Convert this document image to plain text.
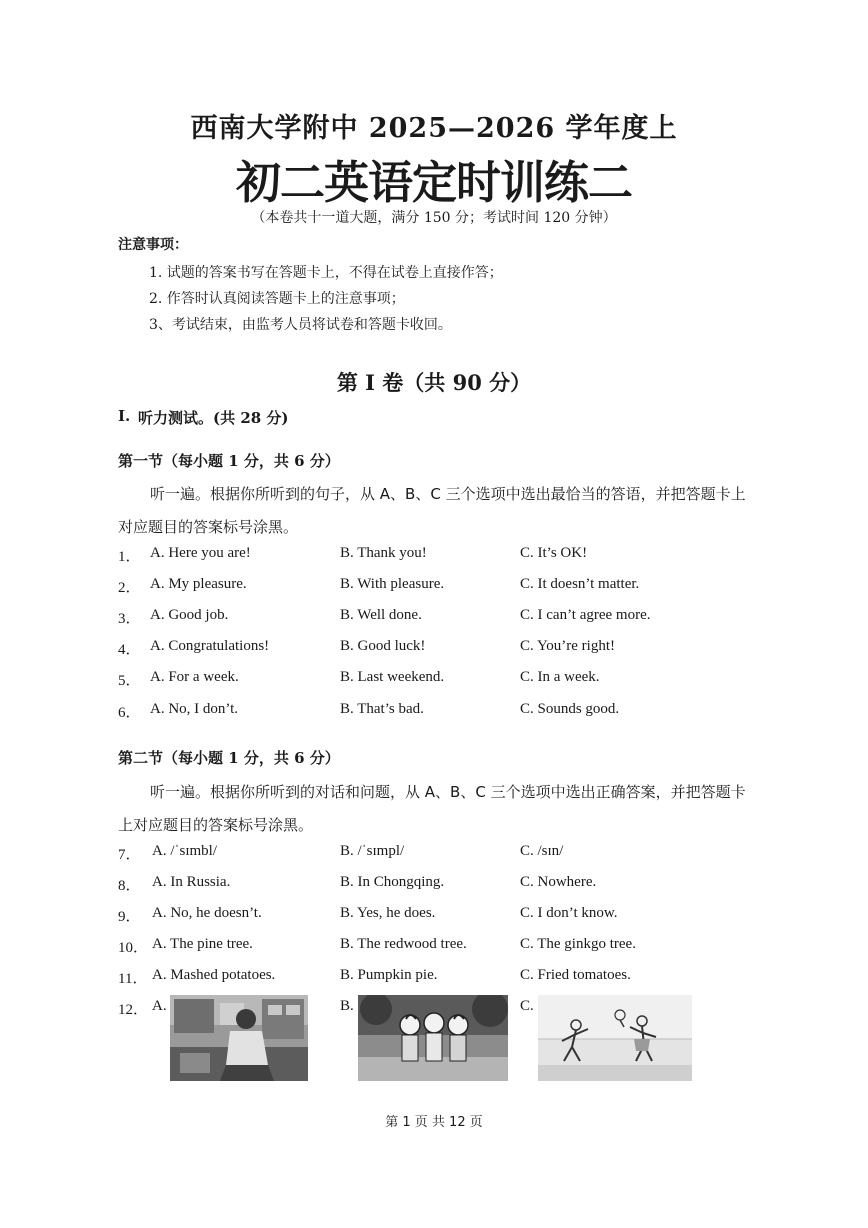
西南大学附中 2025—2026 学年度上
初二英语定时训练二
（本卷共十一道大题，满分 150 分；考试时间 120 分钟）
注意事项：
1. 试题的答案书写在答题卡上，不得在试卷上直接作答；
2. 作答时认真阅读答题卡上的注意事项；
3、考试结束，由监考人员将试卷和答题卡收回。
第 I 卷（共 90 分）
I. 听力测试。(共 28 分)
第一节（每小题 1 分，共 6 分）
听一遍。根据你所听到的句子，从 A、B、C 三个选项中选出最恰当的答语，并把答题卡上对应题目的答案标号涂黑。
1． A. Here you are!	B. Thank you!	C. It’s OK!
2． A. My pleasure.	B. With pleasure.	C. It doesn’t matter.
3． A. Good job.	B. Well done.	C. I can’t agree more.
4． A. Congratulations!	B. Good luck!	C. You’re right!
5． A. For a week.	B. Last weekend.	C. In a week.
6． A. No, I don’t.	B. That’s bad.	C. Sounds good.
第二节（每小题 1 分，共 6 分）
听一遍。根据你所听到的对话和问题，从 A、B、C 三个选项中选出正确答案，并把答题卡上对应题目的答案标号涂黑。
7． A. /ˈsɪmbl/	B. /ˈsɪmpl/	C. /sɪn/
8． A. In Russia.	B. In Chongqing.	C. Nowhere.
9． A. No, he doesn’t.	B. Yes, he does.	C. I don’t know.
10． A. The pine tree.	B. The redwood tree.	C. The ginkgo tree.
11． A. Mashed potatoes.	B. Pumpkin pie.	C. Fried tomatoes.
12． A.	B.	C.
第 1 页 共 12 页
